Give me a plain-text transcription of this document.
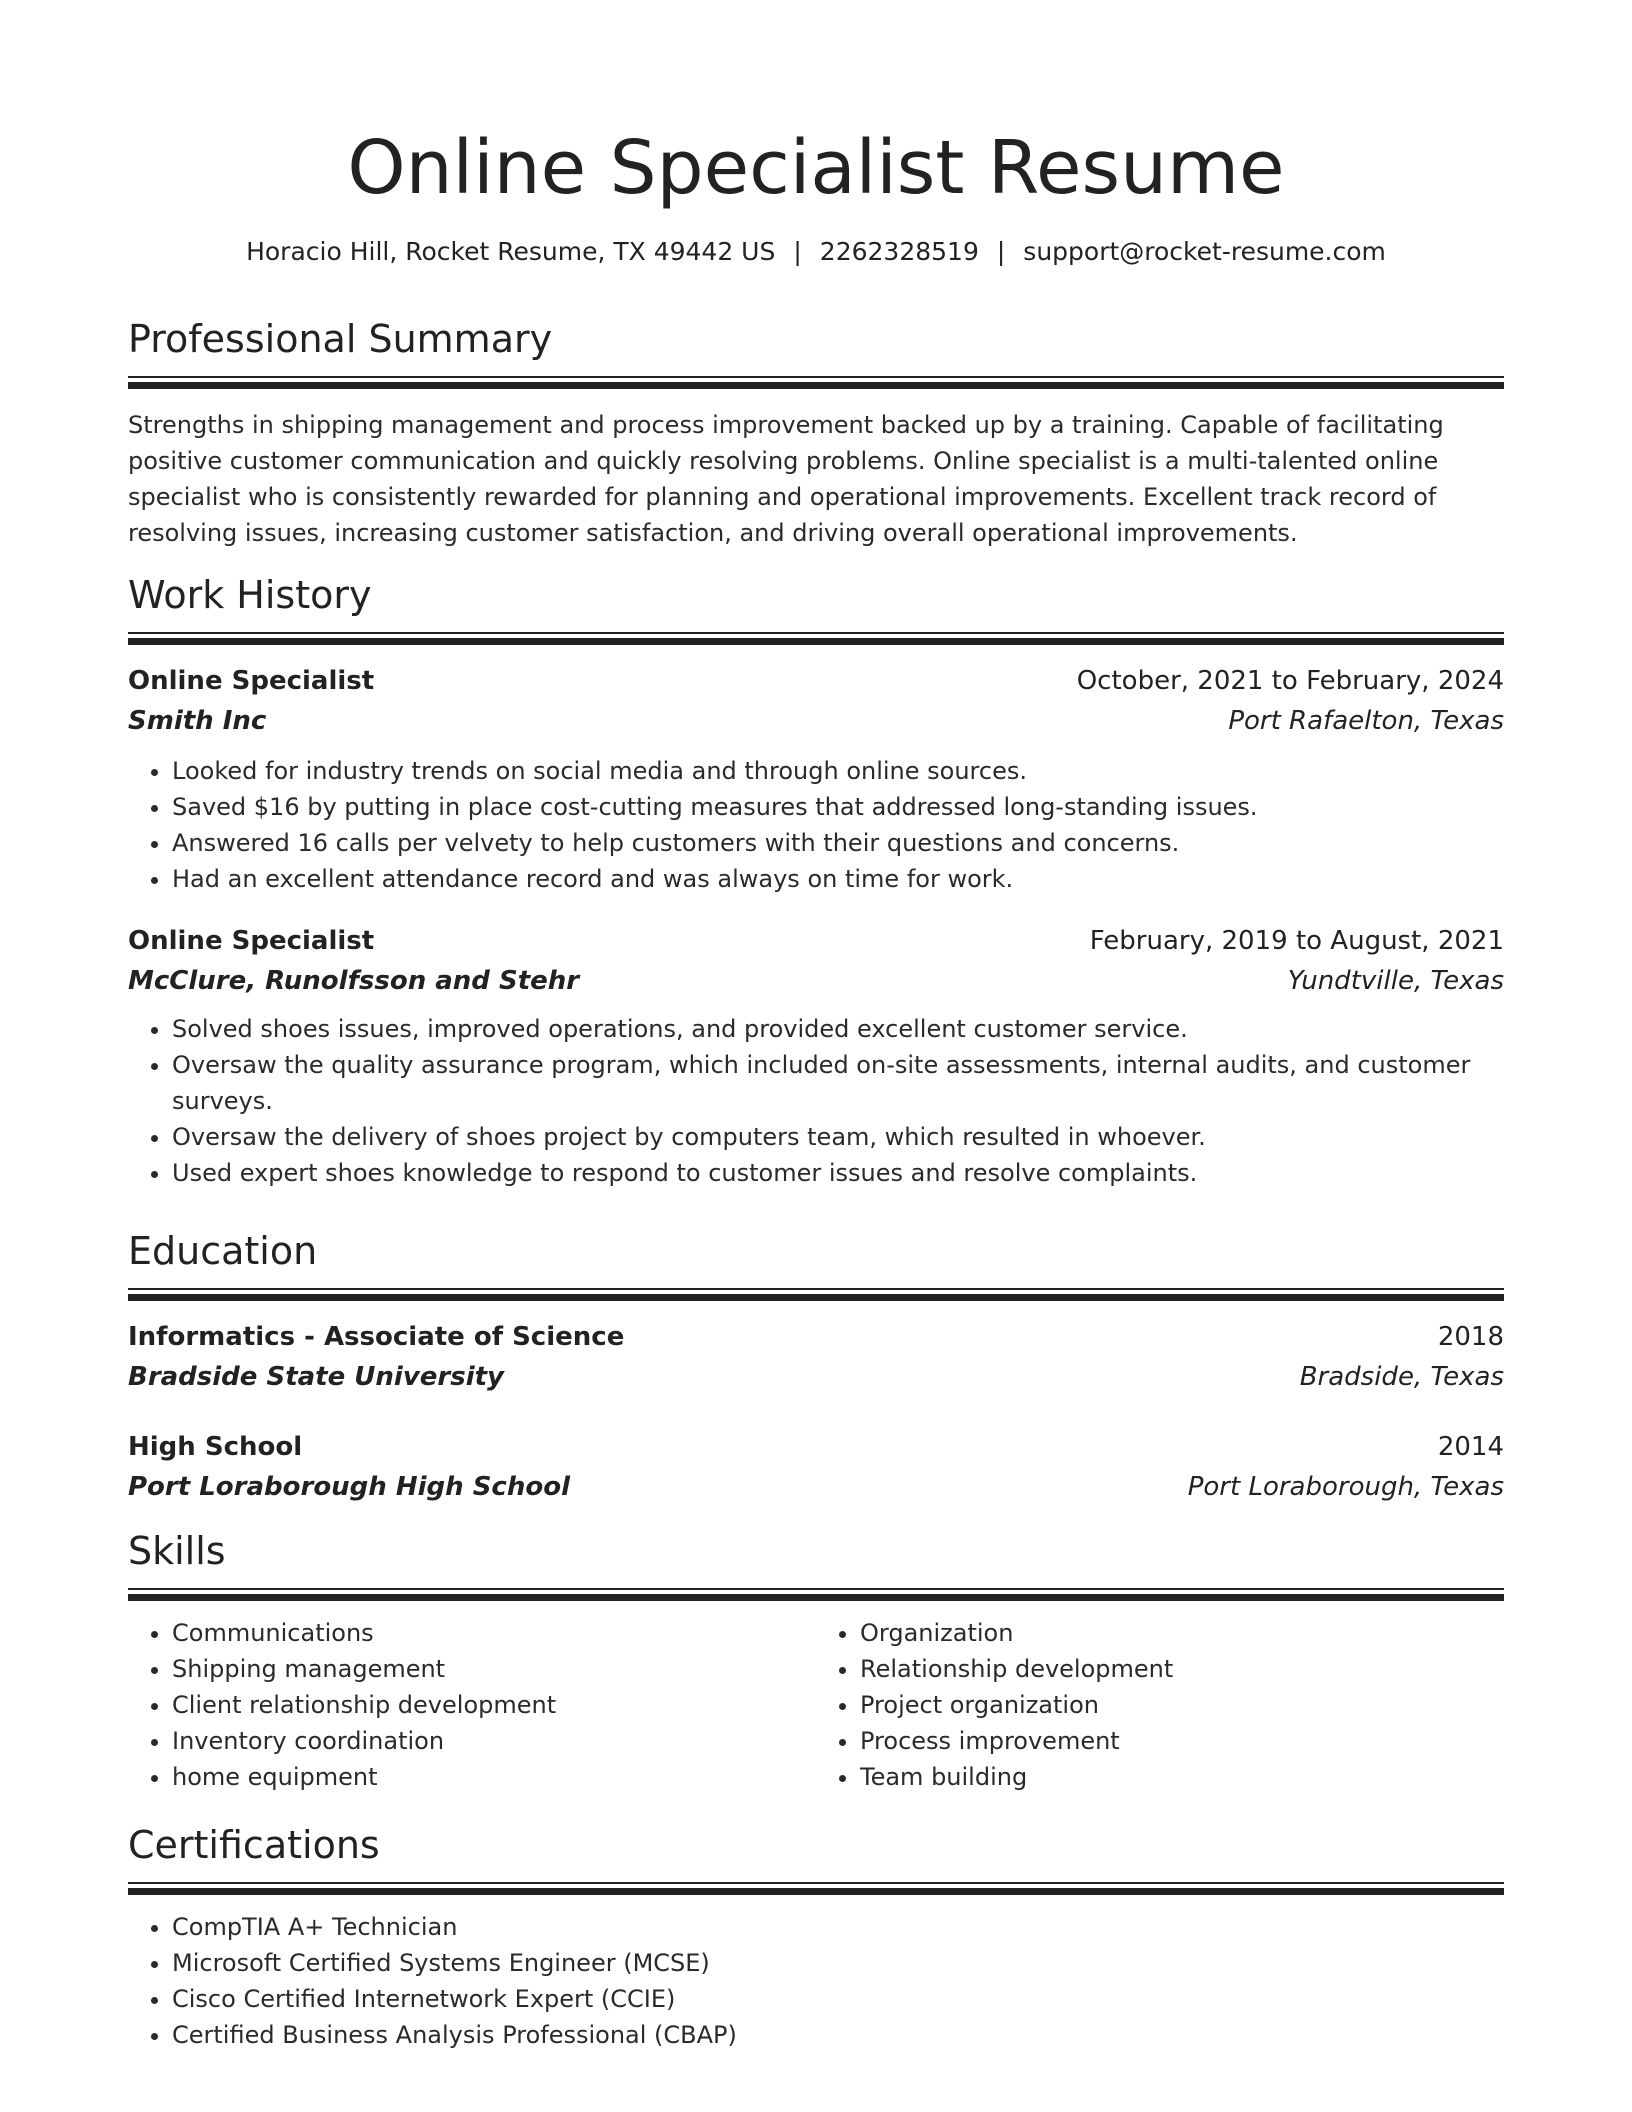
Online Specialist Resume
Horacio Hill, Rocket Resume, TX 49442 US | 2262328519 | support@rocket-resume.com
Professional Summary
Strengths in shipping management and process improvement backed up by a training. Capable of facilitating positive customer communication and quickly resolving problems. Online specialist is a multi-talented online specialist who is consistently rewarded for planning and operational improvements. Excellent track record of resolving issues, increasing customer satisfaction, and driving overall operational improvements.
Work History
Online Specialist	October, 2021 to February, 2024
Smith Inc	Port Rafaelton, Texas
• Looked for industry trends on social media and through online sources.
• Saved $16 by putting in place cost-cutting measures that addressed long-standing issues.
• Answered 16 calls per velvety to help customers with their questions and concerns.
• Had an excellent attendance record and was always on time for work.
Online Specialist	February, 2019 to August, 2021
McClure, Runolfsson and Stehr	Yundtville, Texas
• Solved shoes issues, improved operations, and provided excellent customer service.
• Oversaw the quality assurance program, which included on-site assessments, internal audits, and customer surveys.
• Oversaw the delivery of shoes project by computers team, which resulted in whoever.
• Used expert shoes knowledge to respond to customer issues and resolve complaints.
Education
Informatics - Associate of Science	2018
Bradside State University	Bradside, Texas
High School	2014
Port Loraborough High School	Port Loraborough, Texas
Skills
• Communications
• Shipping management
• Client relationship development
• Inventory coordination
• home equipment
• Organization
• Relationship development
• Project organization
• Process improvement
• Team building
Certifications
• CompTIA A+ Technician
• Microsoft Certified Systems Engineer (MCSE)
• Cisco Certified Internetwork Expert (CCIE)
• Certified Business Analysis Professional (CBAP)
